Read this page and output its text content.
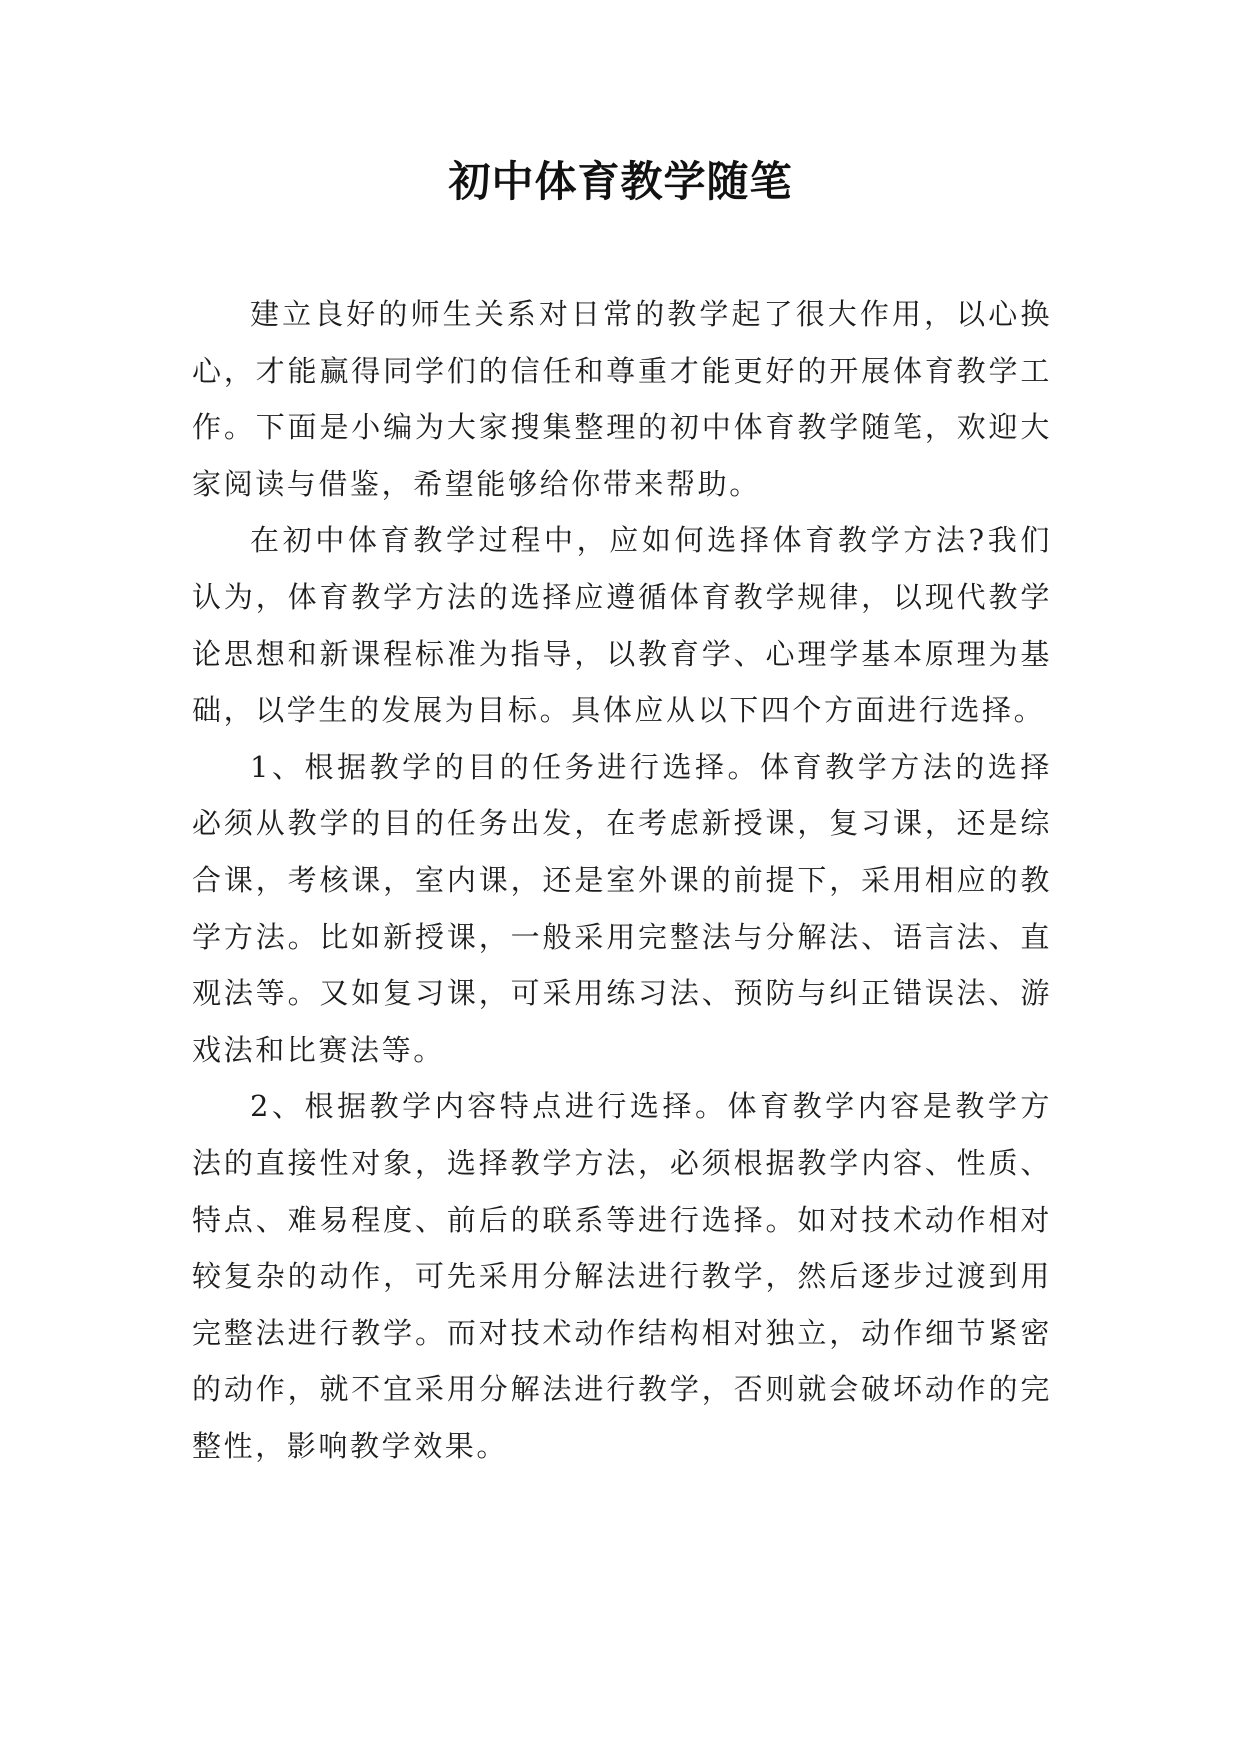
初中体育教学随笔

建立良好的师生关系对日常的教学起了很大作用，以心换心，才能赢得同学们的信任和尊重才能更好的开展体育教学工作。下面是小编为大家搜集整理的初中体育教学随笔，欢迎大家阅读与借鉴，希望能够给你带来帮助。

在初中体育教学过程中，应如何选择体育教学方法?我们认为，体育教学方法的选择应遵循体育教学规律，以现代教学论思想和新课程标准为指导，以教育学、心理学基本原理为基础，以学生的发展为目标。具体应从以下四个方面进行选择。

1、根据教学的目的任务进行选择。体育教学方法的选择必须从教学的目的任务出发，在考虑新授课，复习课，还是综合课，考核课，室内课，还是室外课的前提下，采用相应的教学方法。比如新授课，一般采用完整法与分解法、语言法、直观法等。又如复习课，可采用练习法、预防与纠正错误法、游戏法和比赛法等。

2、根据教学内容特点进行选择。体育教学内容是教学方法的直接性对象，选择教学方法，必须根据教学内容、性质、特点、难易程度、前后的联系等进行选择。如对技术动作相对较复杂的动作，可先采用分解法进行教学，然后逐步过渡到用完整法进行教学。而对技术动作结构相对独立，动作细节紧密的动作，就不宜采用分解法进行教学，否则就会破坏动作的完整性，影响教学效果。
